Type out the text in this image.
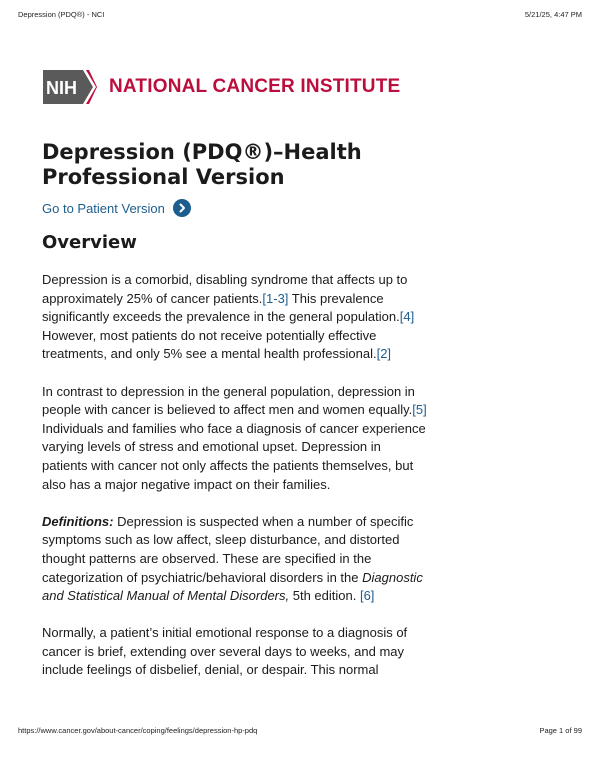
Depression (PDQ®) - NCI	5/21/25, 4:47 PM
NIH NATIONAL CANCER INSTITUTE
Depression (PDQ®)–Health Professional Version
Go to Patient Version
Overview

Depression is a comorbid, disabling syndrome that affects up to approximately 25% of cancer patients.[1-3] This prevalence significantly exceeds the prevalence in the general population.[4] However, most patients do not receive potentially effective treatments, and only 5% see a mental health professional.[2]

In contrast to depression in the general population, depression in people with cancer is believed to affect men and women equally.[5] Individuals and families who face a diagnosis of cancer experience varying levels of stress and emotional upset. Depression in patients with cancer not only affects the patients themselves, but also has a major negative impact on their families.

Definitions: Depression is suspected when a number of specific symptoms such as low affect, sleep disturbance, and distorted thought patterns are observed. These are specified in the categorization of psychiatric/behavioral disorders in the Diagnostic and Statistical Manual of Mental Disorders, 5th edition. [6]

Normally, a patient’s initial emotional response to a diagnosis of cancer is brief, extending over several days to weeks, and may include feelings of disbelief, denial, or despair. This normal

https://www.cancer.gov/about-cancer/coping/feelings/depression-hp-pdq	Page 1 of 99
